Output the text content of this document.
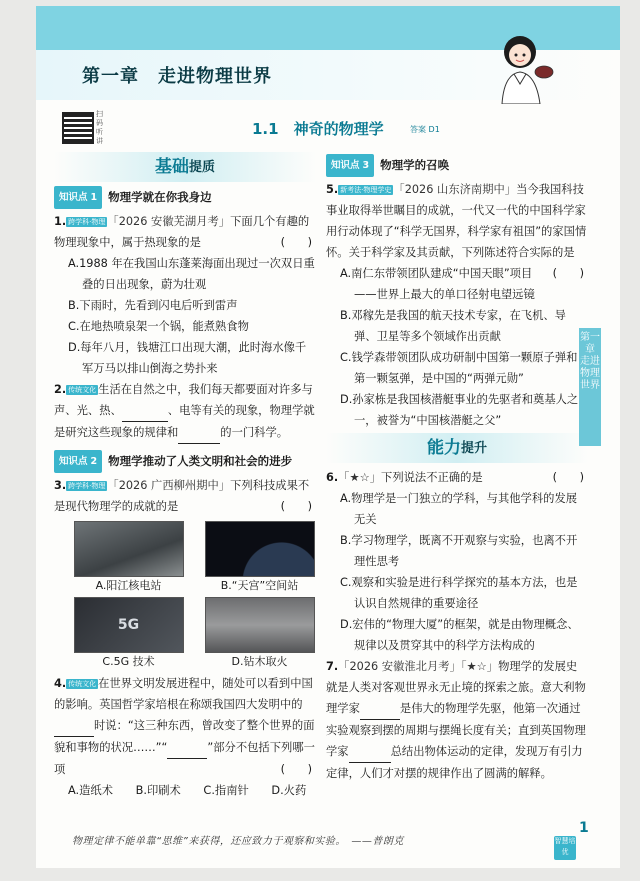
第一章　 走进物理世界
扫码听讲
1.1　神奇的物理学	答案 D1
基础 提质
知识点 1 物理学就在你我身边
1. 跨学科·物理 「2026 安徽芜湖月考」下面几个有趣的物理现象中，属于热现象的是	(　　)
A.1988 年在我国山东蓬莱海面出现过一次双日重叠的日出现象，蔚为壮观
B.下雨时，先看到闪电后听到雷声
C.在地热喷泉架一个锅，能煮熟食物
D.每年八月，钱塘江口出现大潮，此时海水像千军万马以排山倒海之势扑来
2. 传统文化 生活在自然之中，我们每天都要面对许多与声、光、热、	、电等有关的现象，物理学就是研究这些现象的规律和	的一门科学。
知识点 2 物理学推动了人类文明和社会的进步
3. 跨学科·物理 「2026 广西柳州期中」下列科技成果不是现代物理学的成就的是	(　　)
A.阳江核电站	B.“天宫”空间站
5G
C.5G 技术	D.钻木取火
4. 传统文化 在世界文明发展进程中，随处可以看到中国的影响。英国哲学家培根在称颂我国四大发明中的时说：“这三种东西，曾改变了整个世界的面貌和事物的状况……”“	”部分不包括下列哪一项	(　　)
A.造纸术　　B.印刷术　　C.指南针　　D.火药
知识点 3 物理学的召唤
5. 新考法·物理学史 「2026 山东济南期中」当今我国科技事业取得举世瞩目的成就，一代又一代的中国科学家用行动体现了“科学无国界，科学家有祖国”的家国情怀。关于科学家及其贡献，下列陈述符合实际的是
(　　)
A.南仁东带领团队建成“中国天眼”项目——世界上最大的单口径射电望远镜
B.邓稼先是我国的航天技术专家，在飞机、导弹、卫星等多个领域作出贡献
C.钱学森带领团队成功研制中国第一颗原子弹和第一颗氢弹，是中国的“两弹元勋”
D.孙家栋是我国核潜艇事业的先驱者和奠基人之一，被誉为“中国核潜艇之父”
能力 提升
6.「★☆」下列说法不正确的是	(　　)
A.物理学是一门独立的学科，与其他学科的发展无关
B.学习物理学，既离不开观察与实验，也离不开理性思考
C.观察和实验是进行科学探究的基本方法，也是认识自然规律的重要途径
D.宏伟的“物理大厦”的框架，就是由物理概念、规律以及贯穿其中的科学方法构成的
7.「2026 安徽淮北月考」「★☆」物理学的发展史就是人类对客观世界永无止境的探索之旅。意大利物理学家	是伟大的物理学先驱，他第一次通过实验观察到摆的周期与摆绳长度有关；直到英国物理学家	总结出物体运动的定律，发现万有引力定律，人们才对摆的规律作出了圆满的解释。
第一章　走进物理世界
物理定律不能单靠“思维”来获得，还应致力于观察和实验。　——普朗克
1
智慧培优
